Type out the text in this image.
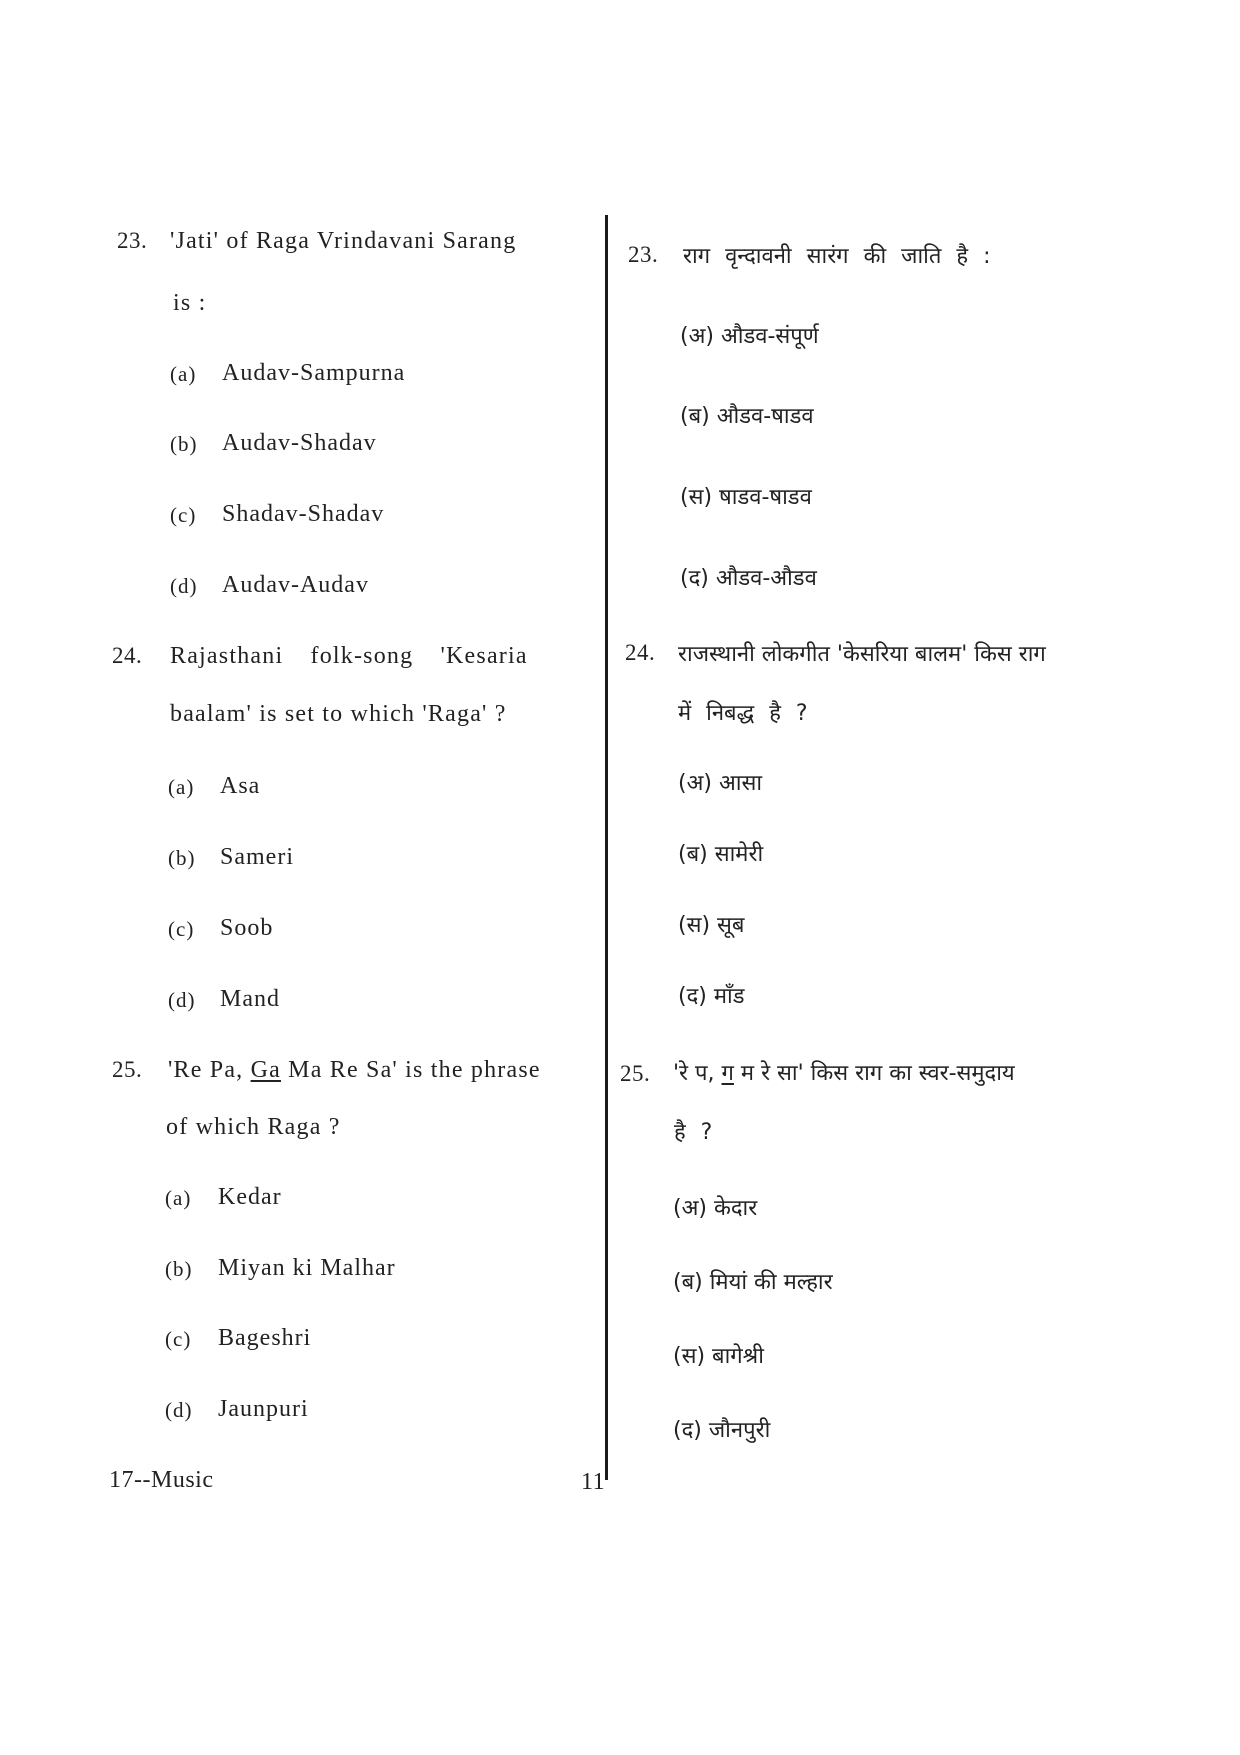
23. 'Jati' of Raga Vrindavani Sarang
is :
(a) Audav-Sampurna
(b) Audav-Shadav
(c) Shadav-Shadav
(d) Audav-Audav
24. Rajasthani folk-song 'Kesaria
baalam' is set to which 'Raga' ?
(a) Asa
(b) Sameri
(c) Soob
(d) Mand
25. 'Re Pa, Ga Ma Re Sa' is the phrase
of which Raga ?
(a) Kedar
(b) Miyan ki Malhar
(c) Bageshri
(d) Jaunpuri
23. राग वृन्दावनी सारंग की जाति है :
(अ) औडव-संपूर्ण
(ब) औडव-षाडव
(स) षाडव-षाडव
(द) औडव-औडव
24. राजस्थानी लोकगीत 'केसरिया बालम' किस राग
में निबद्ध है ?
(अ) आसा
(ब) सामेरी
(स) सूब
(द) माँड
25. 'रे प, ग म रे सा' किस राग का स्वर-समुदाय
है ?
(अ) केदार
(ब) मियां की मल्हार
(स) बागेश्री
(द) जौनपुरी
17--Music	11
